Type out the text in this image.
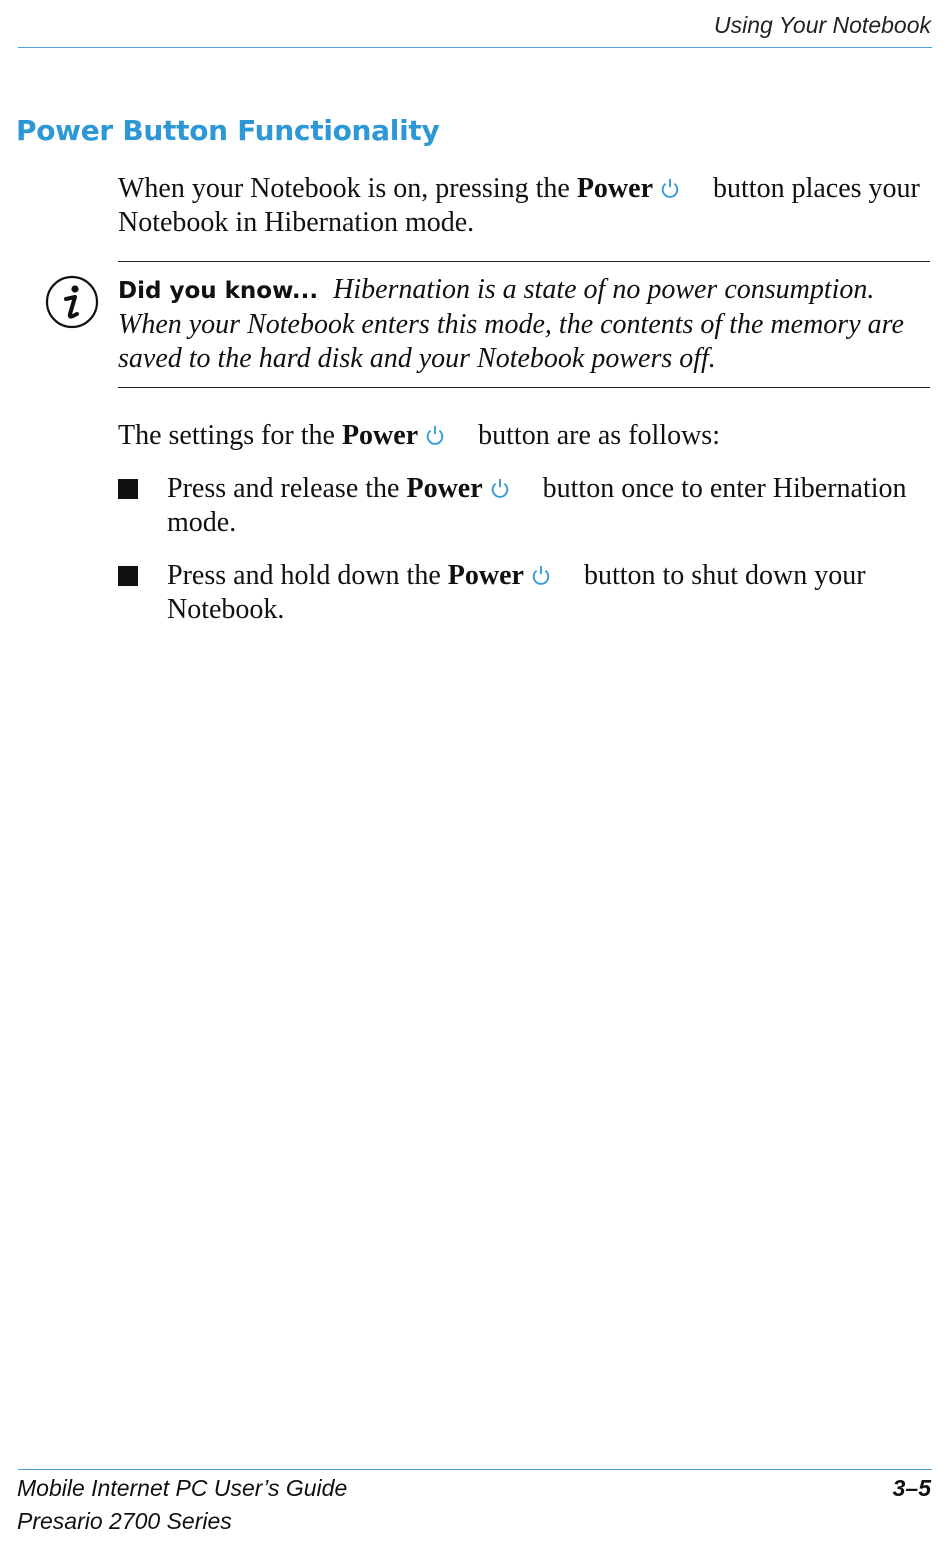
Using Your Notebook
Power Button Functionality
When your Notebook is on, pressing the Power button places your Notebook in Hibernation mode.
Did you know... Hibernation is a state of no power consumption. When your Notebook enters this mode, the contents of the memory are saved to the hard disk and your Notebook powers off.
The settings for the Power button are as follows:
Press and release the Power button once to enter Hibernation mode.
Press and hold down the Power button to shut down your Notebook.
Mobile Internet PC User’s Guide	3–5
Presario 2700 Series
